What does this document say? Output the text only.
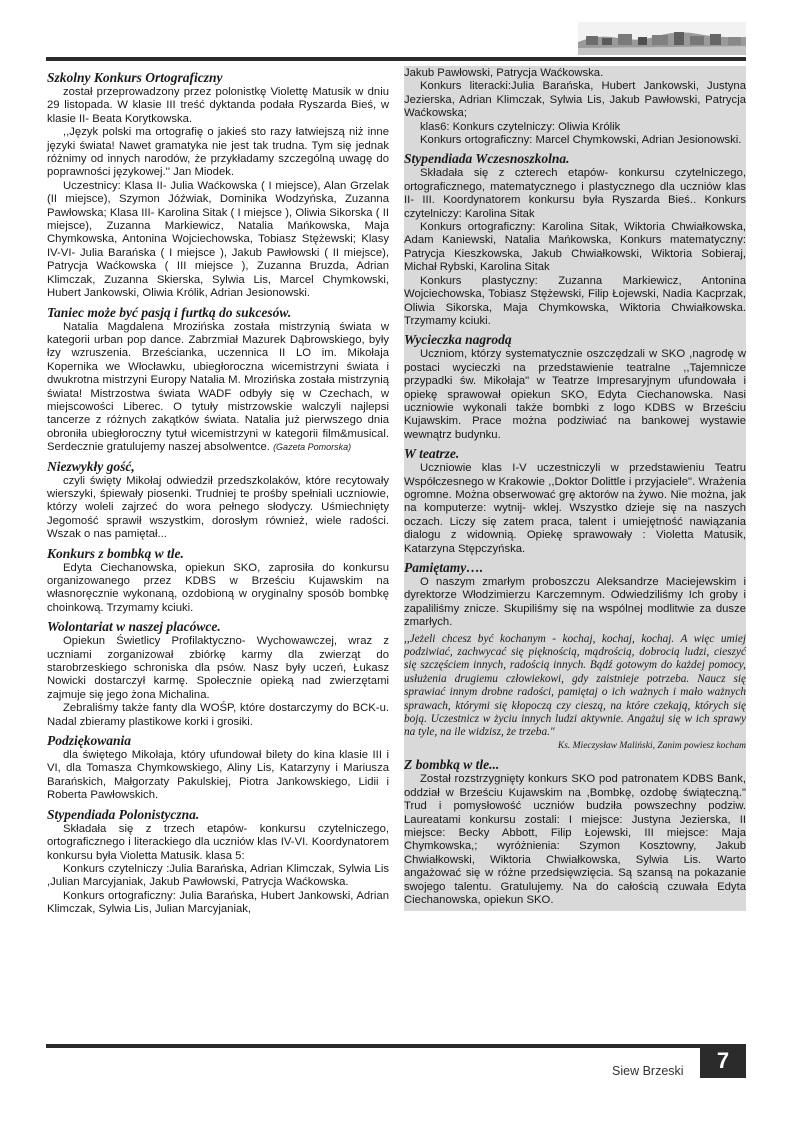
Szkolny Konkurs Ortograficzny

został przeprowadzony przez polonistkę Violettę Matusik w dniu 29 listopada. W klasie III treść dyktanda podała Ryszarda Bieś, w klasie II- Beata Korytkowska.

,,Język polski ma ortografię o jakieś sto razy łatwiejszą niż inne języki świata! Nawet gramatyka nie jest tak trudna. Tym się jednak różnimy od innych narodów, że przykładamy szczególną uwagę do poprawności językowej.'' Jan Miodek.

Uczestnicy: Klasa II- Julia Waćkowska ( I miejsce), Alan Grzelak (II miejsce), Szymon Jóźwiak, Dominika Wodzyńska, Zuzanna Pawłowska; Klasa III- Karolina Sitak ( I miejsce ), Oliwia Sikorska ( II miejsce), Zuzanna Markiewicz, Natalia Mańkowska, Maja Chymkowska, Antonina Wojciechowska, Tobiasz Stężewski; Klasy IV-VI- Julia Barańska ( I miejsce ), Jakub Pawłowski ( II miejsce), Patrycja Waćkowska ( III miejsce ), Zuzanna Bruzda, Adrian Klimczak, Zuzanna Skierska, Sylwia Lis, Marcel Chymkowski, Hubert Jankowski, Oliwia Królik, Adrian Jesionowski.

Taniec może być pasją i furtką do sukcesów.

Natalia Magdalena Mrozińska została mistrzynią świata w kategorii urban pop dance. Zabrzmiał Mazurek Dąbrowskiego, były łzy wzruszenia. Brześcianka, uczennica II LO im. Mikołaja Kopernika we Włocławku, ubiegłoroczna wicemistrzyni świata i dwukrotna mistrzyni Europy Natalia M. Mrozińska została mistrzynią świata! Mistrzostwa świata WADF odbyły się w Czechach, w miejscowości Liberec. O tytuły mistrzowskie walczyli najlepsi tancerze z różnych zakątków świata. Natalia już pierwszego dnia obroniła ubiegłoroczny tytuł wicemistrzyni w kategorii film&musical. Serdecznie gratulujemy naszej absolwentce. (Gazeta Pomorska)

Niezwykły gość,

czyli święty Mikołaj odwiedził przedszkolaków, które recytowały wierszyki, śpiewały piosenki. Trudniej te prośby spełniali uczniowie, którzy woleli zajrzeć do wora pełnego słodyczy. Uśmiechnięty Jegomość sprawił wszystkim, dorosłym również, wiele radości. Wszak o nas pamiętał...

Konkurs z bombką w tle.

Edyta Ciechanowska, opiekun SKO, zaprosiła do konkursu organizowanego przez KDBS w Brześciu Kujawskim na własnoręcznie wykonaną, ozdobioną w oryginalny sposób bombkę choinkową. Trzymamy kciuki.

Wolontariat w naszej placówce.

Opiekun Świetlicy Profilaktyczno- Wychowawczej, wraz z uczniami zorganizował zbiórkę karmy dla zwierząt do starobrzeskiego schroniska dla psów. Nasz były uczeń, Łukasz Nowicki dostarczył karmę. Społecznie opieką nad zwierzętami zajmuje się jego żona Michalina.

Zebraliśmy także fanty dla WOŚP, które dostarczymy do BCK-u. Nadal zbieramy plastikowe korki i grosiki.

Podziękowania

dla świętego Mikołaja, który ufundował bilety do kina klasie III i VI, dla Tomasza Chymkowskiego, Aliny Lis, Katarzyny i Mariusza Barańskich, Małgorzaty Pakulskiej, Piotra Jankowskiego, Lidii i Roberta Pawłowskich.

Stypendiada Polonistyczna.

Składała się z trzech etapów- konkursu czytelniczego, ortograficznego i literackiego dla uczniów klas IV-VI. Koordynatorem konkursu była Violetta Matusik. klasa 5:

Konkurs czytelniczy :Julia Barańska, Adrian Klimczak, Sylwia Lis ,Julian Marcyjaniak, Jakub Pawłowski, Patrycja Waćkowska.

Konkurs ortograficzny: Julia Barańska, Hubert Jankowski, Adrian Klimczak, Sylwia Lis, Julian Marcyjaniak,

Jakub Pawłowski, Patrycja Waćkowska.

Konkurs literacki:Julia Barańska, Hubert Jankowski, Justyna Jezierska, Adrian Klimczak, Sylwia Lis, Jakub Pawłowski, Patrycja Waćkowska;

klas6: Konkurs czytelniczy: Oliwia Królik

Konkurs ortograficzny: Marcel Chymkowski, Adrian Jesionowski.

Stypendiada Wczesnoszkolna.

Składała się z czterech etapów- konkursu czytelniczego, ortograficznego, matematycznego i plastycznego dla uczniów klas II- III. Koordynatorem konkursu była Ryszarda Bieś.. Konkurs czytelniczy: Karolina Sitak

Konkurs ortograficzny: Karolina Sitak, Wiktoria Chwiałkowska, Adam Kaniewski, Natalia Mańkowska, Konkurs matematyczny: Patrycja Kieszkowska, Jakub Chwiałkowski, Wiktoria Sobieraj, Michał Rybski, Karolina Sitak

Konkurs plastyczny: Zuzanna Markiewicz, Antonina Wojciechowska, Tobiasz Stężewski, Filip Łojewski, Nadia Kacprzak, Oliwia Sikorska, Maja Chymkowska, Wiktoria Chwiałkowska. Trzymamy kciuki.

Wycieczka nagrodą

Uczniom, którzy systematycznie oszczędzali w SKO ,nagrodę w postaci wycieczki na przedstawienie teatralne ,,Tajemnicze przypadki św. Mikołaja" w Teatrze Impresaryjnym ufundowała i opiekę sprawował opiekun SKO, Edyta Ciechanowska. Nasi uczniowie wykonali także bombki z logo KDBS w Brześciu Kujawskim. Prace można podziwiać na bankowej wystawie wewnątrz budynku.

W teatrze.

Uczniowie klas I-V uczestniczyli w przedstawieniu Teatru Współczesnego w Krakowie ,,Doktor Dolittle i przyjaciele". Wrażenia ogromne. Można obserwować grę aktorów na żywo. Nie można, jak na komputerze: wytnij- wklej. Wszystko dzieje się na naszych oczach. Liczy się zatem praca, talent i umiejętność nawiązania dialogu z widownią. Opiekę sprawowały : Violetta Matusik, Katarzyna Stępczyńska.

Pamiętamy….

O naszym zmarłym proboszczu Aleksandrze Maciejewskim i dyrektorze Włodzimierzu Karczemnym. Odwiedziliśmy Ich groby i zapaliliśmy znicze. Skupiliśmy się na wspólnej modlitwie za dusze zmarłych.

,,Jeżeli chcesz być kochanym - kochaj, kochaj, kochaj. A więc umiej podziwiać, zachwycać się pięknością, mądrością, dobrocią ludzi, cieszyć się szczęściem innych, radością innych. Bądź gotowym do każdej pomocy, usłużenia drugiemu człowiekowi, gdy zaistnieje potrzeba. Naucz się sprawiać innym drobne radości, pamiętaj o ich ważnych i mało ważnych sprawach, którymi się kłopoczą czy cieszą, na które czekają, których się boją. Uczestnicz w życiu innych ludzi aktywnie. Angażuj się w ich sprawy na tyle, na ile widzisz, że trzeba."

Ks. Mieczysław Maliński, Zanim powiesz kocham
Z bombką w tle...

Został rozstrzygnięty konkurs SKO pod patronatem KDBS Bank, oddział w Brześciu Kujawskim na ,Bombkę, ozdobę świąteczną." Trud i pomysłowość uczniów budziła powszechny podziw. Laureatami konkursu zostali: I miejsce: Justyna Jezierska, II miejsce: Becky Abbott, Filip Łojewski, III miejsce: Maja Chymkowska,; wyróżnienia: Szymon Kosztowny, Jakub Chwiałkowski, Wiktoria Chwiałkowska, Sylwia Lis. Warto angażować się w różne przedsięwzięcia. Są szansą na pokazanie swojego talentu. Gratulujemy. Na do całością czuwała Edyta Ciechanowska, opiekun SKO.

Siew Brzeski	7
